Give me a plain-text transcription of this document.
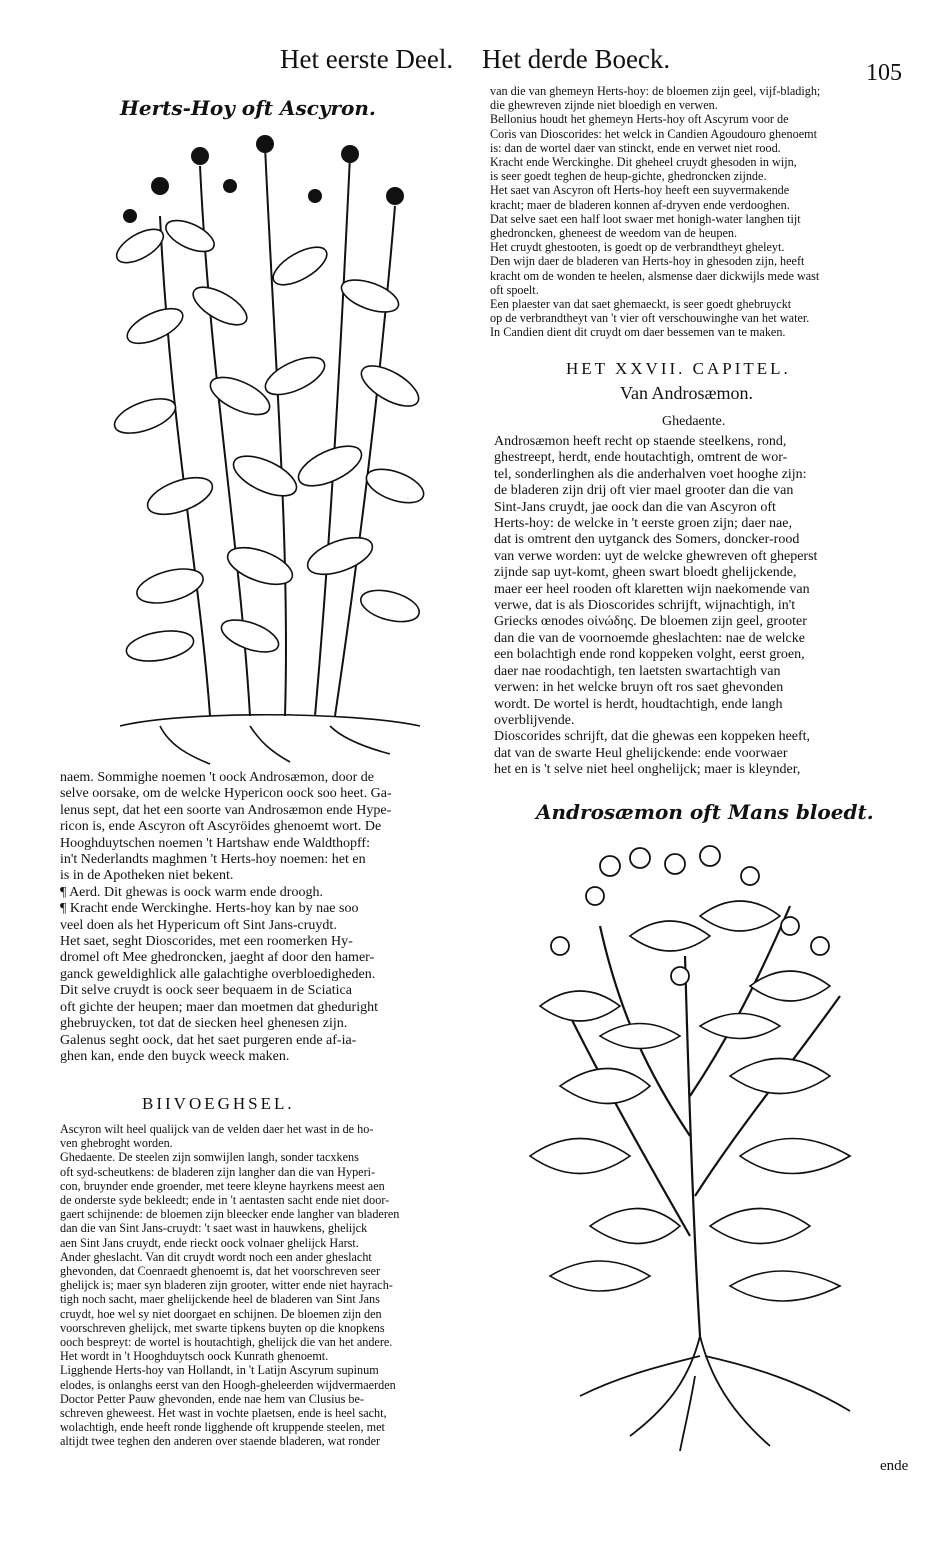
Het eerste Deel. Het derde Boeck.	105
Herts-Hoy oft Ascyron.

naem. Sommighe noemen 't oock Androsæmon, door de

selve oorsake, om de welcke Hypericon oock soo heet. Ga-

lenus sept, dat het een soorte van Androsæmon ende Hype-

ricon is, ende Ascyron oft Ascyröides ghenoemt wort. De

Hooghduytschen noemen 't Hartshaw ende Waldthopff:

in't Nederlandts maghmen 't Herts-hoy noemen: het en

is in de Apotheken niet bekent.

¶ Aerd. Dit ghewas is oock warm ende droogh.

¶ Kracht ende Werckinghe. Herts-hoy kan by nae soo

veel doen als het Hypericum oft Sint Jans-cruydt.

Het saet, seght Dioscorides, met een roomerken Hy-

dromel oft Mee ghedroncken, jaeght af door den hamer-

ganck geweldighlick alle galachtighe overbloedigheden.

Dit selve cruydt is oock seer bequaem in de Sciatica

oft gichte der heupen; maer dan moetmen dat gheduright

ghebruycken, tot dat de siecken heel ghenesen zijn.

Galenus seght oock, dat het saet purgeren ende af-ia-

ghen kan, ende den buyck weeck maken.

BIIVOEGHSEL.

Ascyron wilt heel qualijck van de velden daer het wast in de ho-

ven ghebroght worden.

Ghedaente. De steelen zijn somwijlen langh, sonder tacxkens

oft syd-scheutkens: de bladeren zijn langher dan die van Hyperi-

con, bruynder ende groender, met teere kleyne hayrkens meest aen

de onderste syde bekleedt; ende in 't aentasten sacht ende niet door-

gaert schijnende: de bloemen zijn bleecker ende langher van bladeren

dan die van Sint Jans-cruydt: 't saet wast in hauwkens, ghelijck

aen Sint Jans cruydt, ende rieckt oock volnaer ghelijck Harst.

Ander gheslacht. Van dit cruydt wordt noch een ander gheslacht

ghevonden, dat Coenraedt ghenoemt is, dat het voorschreven seer

ghelijck is; maer syn bladeren zijn grooter, witter ende niet hayrach-

tigh noch sacht, maer ghelijckende heel de bladeren van Sint Jans

cruydt, hoe wel sy niet doorgaet en schijnen. De bloemen zijn den

voorschreven ghelijck, met swarte tipkens buyten op die knopkens

ooch bespreyt: de wortel is houtachtigh, ghelijck die van het andere.

Het wordt in 't Hooghduytsch oock Kunrath ghenoemt.

Ligghende Herts-hoy van Hollandt, in 't Latijn Ascyrum supinum

elodes, is onlanghs eerst van den Hoogh-gheleerden wijdvermaerden

Doctor Petter Pauw ghevonden, ende nae hem van Clusius be-

schreven gheweest. Het wast in vochte plaetsen, ende is heel sacht,

wolachtigh, ende heeft ronde ligghende oft kruppende steelen, met

altijdt twee teghen den anderen over staende bladeren, wat ronder

van die van ghemeyn Herts-hoy: de bloemen zijn geel, vijf-bladigh;

die ghewreven zijnde niet bloedigh en verwen.

Bellonius houdt het ghemeyn Herts-hoy oft Ascyrum voor de

Coris van Dioscorides: het welck in Candien Agoudouro ghenoemt

is: dan de wortel daer van stinckt, ende en verwet niet rood.

Kracht ende Werckinghe. Dit gheheel cruydt ghesoden in wijn,

is seer goedt teghen de heup-gichte, ghedroncken zijnde.

Het saet van Ascyron oft Herts-hoy heeft een suyvermakende

kracht; maer de bladeren konnen af-dryven ende verdooghen.

Dat selve saet een half loot swaer met honigh-water langhen tijt

ghedroncken, gheneest de weedom van de heupen.

Het cruydt ghestooten, is goedt op de verbrandtheyt gheleyt.

Den wijn daer de bladeren van Herts-hoy in ghesoden zijn, heeft

kracht om de wonden te heelen, alsmense daer dickwijls mede wast

oft spoelt.

Een plaester van dat saet ghemaeckt, is seer goedt ghebruyckt

op de verbrandtheyt van 't vier oft verschouwinghe van het water.

In Candien dient dit cruydt om daer bessemen van te maken.

HET XXVII. CAPITEL.
Van Androsæmon.
Ghedaente.

Androsæmon heeft recht op staende steelkens, rond,

ghestreept, herdt, ende houtachtigh, omtrent de wor-

tel, sonderlinghen als die anderhalven voet hooghe zijn:

de bladeren zijn drij oft vier mael grooter dan die van

Sint-Jans cruydt, jae oock dan die van Ascyron oft

Herts-hoy: de welcke in 't eerste groen zijn; daer nae,

dat is omtrent den uytganck des Somers, doncker-rood

van verwe worden: uyt de welcke ghewreven oft gheperst

zijnde sap uyt-komt, gheen swart bloedt ghelijckende,

maer eer heel rooden oft klaretten wijn naekomende van

verwe, dat is als Dioscorides schrijft, wijnachtigh, in't

Griecks œnodes οἰνώδης. De bloemen zijn geel, grooter

dan die van de voornoemde gheslachten: nae de welcke

een bolachtigh ende rond koppeken volght, eerst groen,

daer nae roodachtigh, ten laetsten swartachtigh van

verwen: in het welcke bruyn oft ros saet ghevonden

wordt. De wortel is herdt, houdtachtigh, ende langh

overblijvende.

Dioscorides schrijft, dat die ghewas een koppeken heeft,

dat van de swarte Heul ghelijckende: ende voorwaer

het en is 't selve niet heel onghelijck; maer is kleynder,

Androsæmon oft Mans bloedt.
ende
